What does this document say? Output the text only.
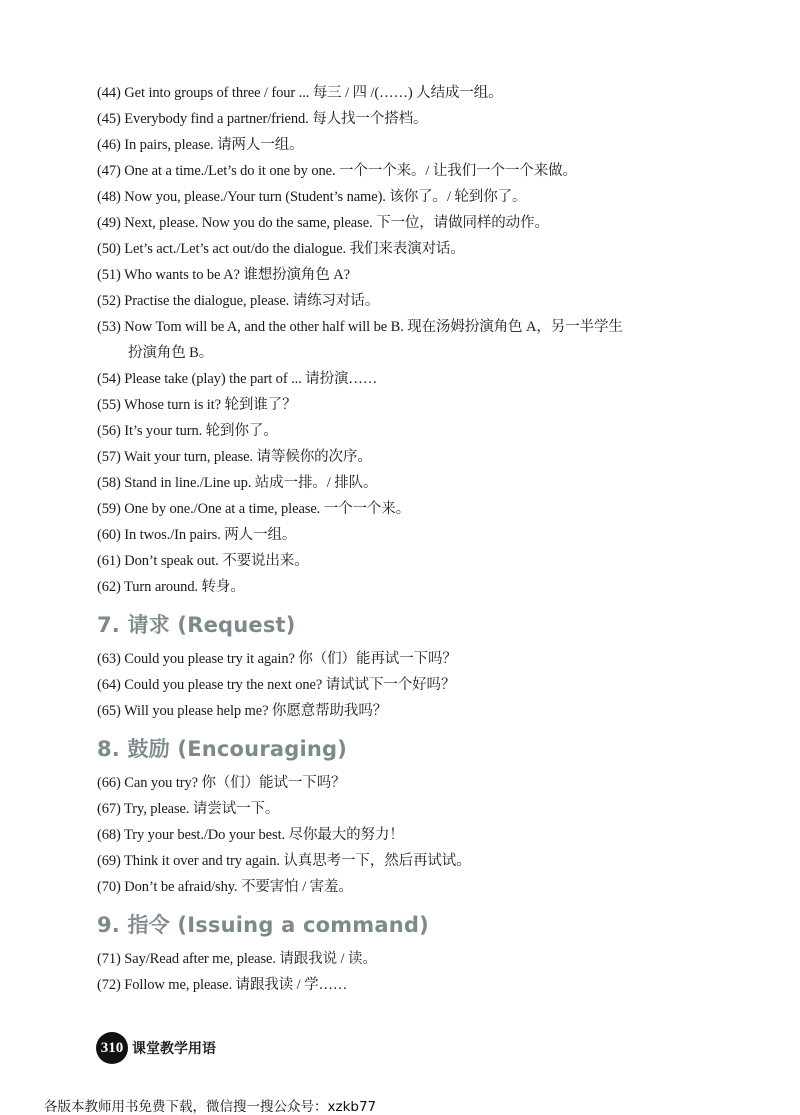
(44) Get into groups of three / four ... 每三 / 四 /(……) 人结成一组。
(45) Everybody find a partner/friend. 每人找一个搭档。
(46) In pairs, please. 请两人一组。
(47) One at a time./Let’s do it one by one. 一个一个来。/ 让我们一个一个来做。
(48) Now you, please./Your turn (Student’s name). 该你了。/ 轮到你了。
(49) Next, please. Now you do the same, please. 下一位，请做同样的动作。
(50) Let’s act./Let’s act out/do the dialogue. 我们来表演对话。
(51) Who wants to be A? 谁想扮演角色 A?
(52) Practise the dialogue, please. 请练习对话。
(53) Now Tom will be A, and the other half will be B. 现在汤姆扮演角色 A，另一半学生
扮演角色 B。
(54) Please take (play) the part of ... 请扮演……
(55) Whose turn is it? 轮到谁了？
(56) It’s your turn. 轮到你了。
(57) Wait your turn, please. 请等候你的次序。
(58) Stand in line./Line up. 站成一排。/ 排队。
(59) One by one./One at a time, please. 一个一个来。
(60) In twos./In pairs. 两人一组。
(61) Don’t speak out. 不要说出来。
(62) Turn around. 转身。
7. 请求 (Request)
(63) Could you please try it again? 你（们）能再试一下吗？
(64) Could you please try the next one? 请试试下一个好吗？
(65) Will you please help me? 你愿意帮助我吗？
8. 鼓励 (Encouraging)
(66) Can you try? 你（们）能试一下吗？
(67) Try, please. 请尝试一下。
(68) Try your best./Do your best. 尽你最大的努力！
(69) Think it over and try again. 认真思考一下，然后再试试。
(70) Don’t be afraid/shy. 不要害怕 / 害羞。
9. 指令 (Issuing a command)
(71) Say/Read after me, please. 请跟我说 / 读。
(72) Follow me, please. 请跟我读 / 学……
310 课堂教学用语
各版本教师用书免费下载，微信搜一搜公众号：xzkb77
